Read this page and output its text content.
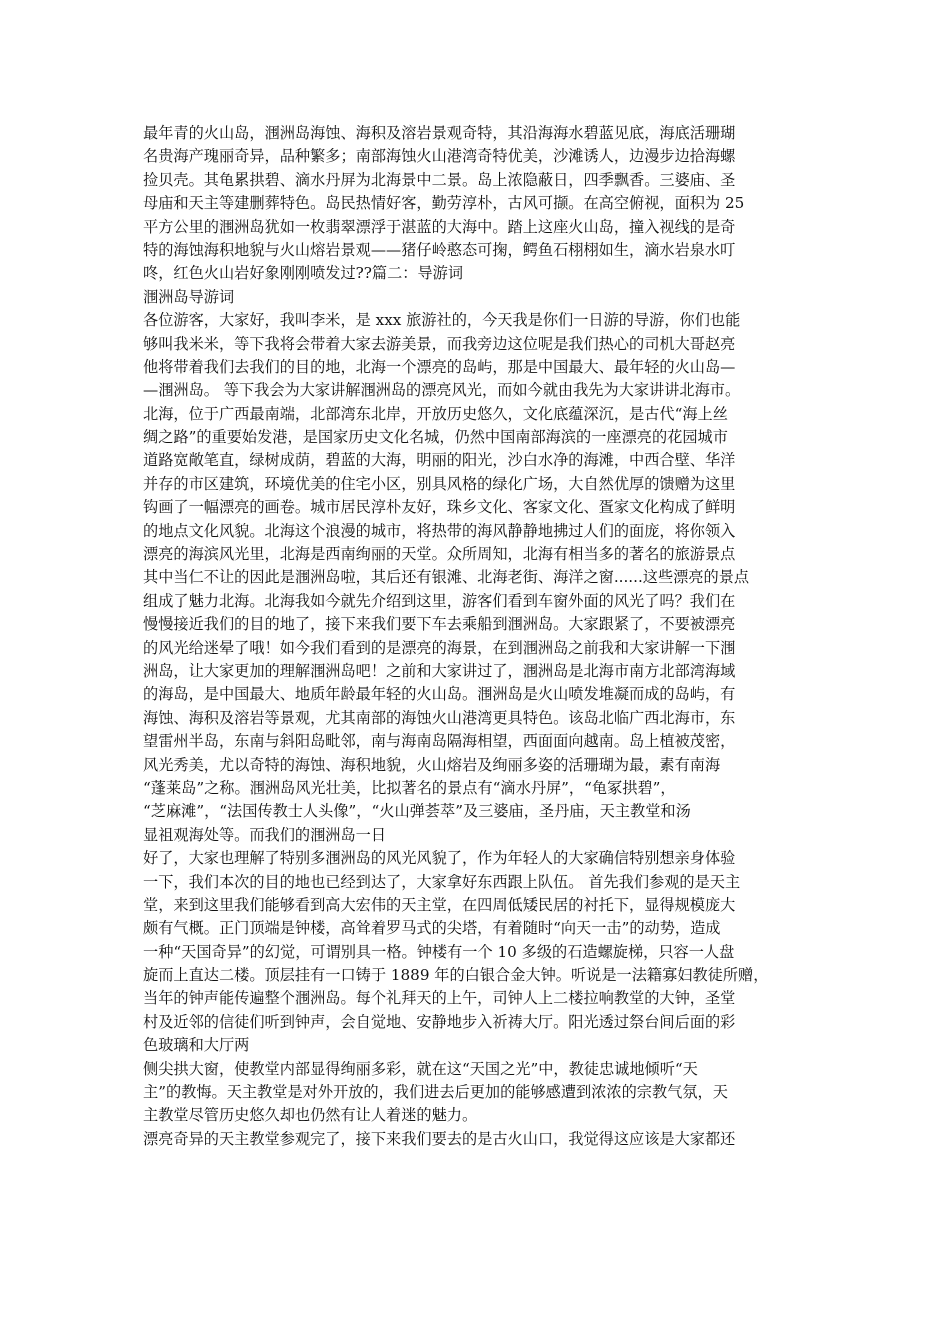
最年青的火山岛，涠洲岛海蚀、海积及溶岩景观奇特，其沿海海水碧蓝见底，海底活珊瑚
名贵海产瑰丽奇异，品种繁多；南部海蚀火山港湾奇特优美，沙滩诱人，边漫步边拾海螺
捡贝壳。其龟累拱碧、滴水丹屏为北海景中二景。岛上浓隐蔽日，四季飘香。三婆庙、圣
母庙和天主等建删葬特色。岛民热情好客，勤劳淳朴，古风可撷。在高空俯视，面积为 25
平方公里的涠洲岛犹如一枚翡翠漂浮于湛蓝的大海中。踏上这座火山岛，撞入视线的是奇
特的海蚀海积地貌与火山熔岩景观——猪仔岭憨态可掬，鳄鱼石栩栩如生，滴水岩泉水叮
咚，红色火山岩好象刚刚喷发过??篇二：导游词
涠洲岛导游词
各位游客，大家好，我叫李米，是 xxx 旅游社的，今天我是你们一日游的导游，你们也能
够叫我米米，等下我将会带着大家去游美景，而我旁边这位呢是我们热心的司机大哥赵亮
他将带着我们去我们的目的地，北海一个漂亮的岛屿，那是中国最大、最年轻的火山岛—
—涠洲岛。 等下我会为大家讲解涠洲岛的漂亮风光，而如今就由我先为大家讲讲北海市。
北海，位于广西最南端，北部湾东北岸，开放历史悠久，文化底蕴深沉，是古代“海上丝
绸之路”的重要始发港，是国家历史文化名城，仍然中国南部海滨的一座漂亮的花园城市
道路宽敞笔直，绿树成荫，碧蓝的大海，明丽的阳光，沙白水净的海滩，中西合壁、华洋
并存的市区建筑，环境优美的住宅小区，别具风格的绿化广场，大自然优厚的馈赠为这里
钩画了一幅漂亮的画卷。城市居民淳朴友好，珠乡文化、客家文化、疍家文化构成了鲜明
的地点文化风貌。北海这个浪漫的城市，将热带的海风静静地拂过人们的面庞，将你领入
漂亮的海滨风光里，北海是西南绚丽的天堂。众所周知，北海有相当多的著名的旅游景点
其中当仁不让的因此是涠洲岛啦，其后还有银滩、北海老街、海洋之窗......这些漂亮的景点
组成了魅力北海。北海我如今就先介绍到这里，游客们看到车窗外面的风光了吗？我们在
慢慢接近我们的目的地了，接下来我们要下车去乘船到涠洲岛。大家跟紧了，不要被漂亮
的风光给迷晕了哦！如今我们看到的是漂亮的海景，在到涠洲岛之前我和大家讲解一下涠
洲岛，让大家更加的理解涠洲岛吧！之前和大家讲过了，涠洲岛是北海市南方北部湾海域
的海岛，是中国最大、地质年龄最年轻的火山岛。涠洲岛是火山喷发堆凝而成的岛屿，有
海蚀、海积及溶岩等景观，尤其南部的海蚀火山港湾更具特色。该岛北临广西北海市，东
望雷州半岛，东南与斜阳岛毗邻，南与海南岛隔海相望，西面面向越南。岛上植被茂密，
风光秀美，尤以奇特的海蚀、海积地貌，火山熔岩及绚丽多姿的活珊瑚为最，素有南海
“蓬莱岛”之称。涠洲岛风光壮美，比拟著名的景点有“滴水丹屏”，“龟冢拱碧”，
“芝麻滩”，“法国传教士人头像”，“火山弹荟萃”及三婆庙，圣丹庙，天主教堂和汤
显祖观海处等。而我们的涠洲岛一日
好了，大家也理解了特别多涠洲岛的风光风貌了，作为年轻人的大家确信特别想亲身体验
一下，我们本次的目的地也已经到达了，大家拿好东西跟上队伍。 首先我们参观的是天主
堂，来到这里我们能够看到高大宏伟的天主堂，在四周低矮民居的衬托下，显得规模庞大
颇有气概。正门顶端是钟楼，高耸着罗马式的尖塔，有着随时“向天一击”的动势，造成
一种“天国奇异”的幻觉，可谓别具一格。钟楼有一个 10 多级的石造螺旋梯，只容一人盘
旋而上直达二楼。顶层挂有一口铸于 1889 年的白银合金大钟。听说是一法籍寡妇教徒所赠，
当年的钟声能传遍整个涠洲岛。每个礼拜天的上午，司钟人上二楼拉响教堂的大钟，圣堂
村及近邻的信徒们听到钟声，会自觉地、安静地步入祈祷大厅。阳光透过祭台间后面的彩
色玻璃和大厅两
侧尖拱大窗，使教堂内部显得绚丽多彩，就在这“天国之光”中，教徒忠诚地倾听“天
主”的教悔。天主教堂是对外开放的，我们进去后更加的能够感遭到浓浓的宗教气氛，天
主教堂尽管历史悠久却也仍然有让人着迷的魅力。
漂亮奇异的天主教堂参观完了，接下来我们要去的是古火山口，我觉得这应该是大家都还
